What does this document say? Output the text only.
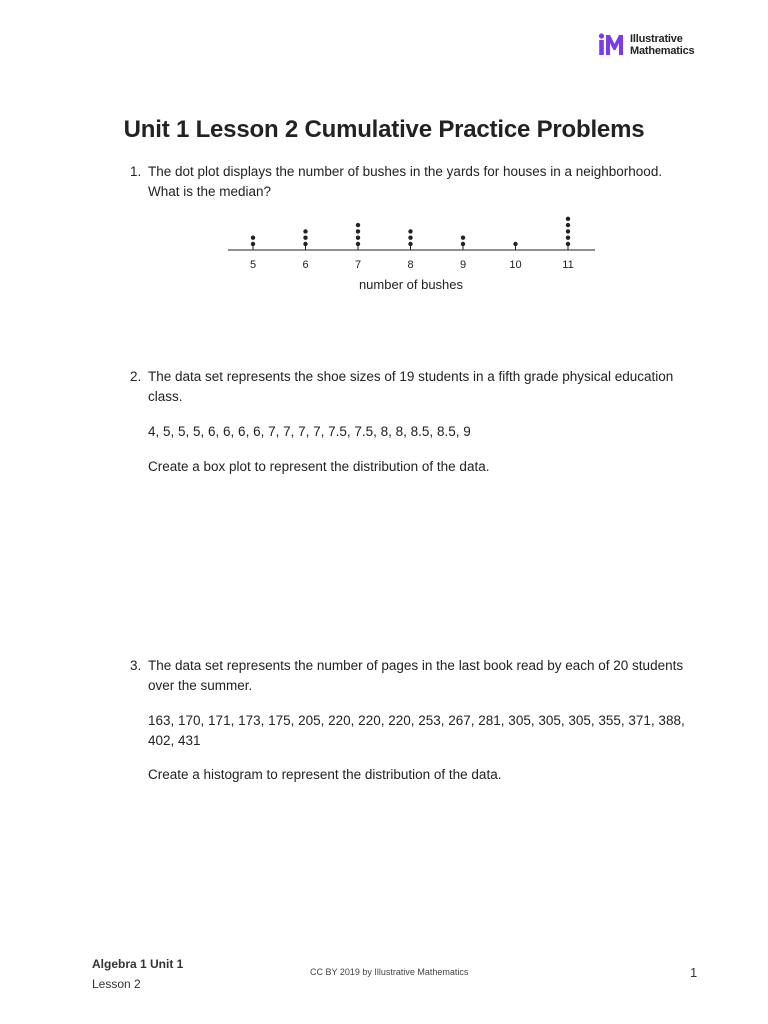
Illustrative
Mathematics
Unit 1 Lesson 2 Cumulative Practice Problems
1. The dot plot displays the number of bushes in the yards for houses in a neighborhood. What is the median?
5	6	7	8	9	10	11
number of bushes
2. The data set represents the shoe sizes of 19 students in a fifth grade physical education class.
4, 5, 5, 5, 6, 6, 6, 6, 7, 7, 7, 7, 7.5, 7.5, 8, 8, 8.5, 8.5, 9
Create a box plot to represent the distribution of the data.
3. The data set represents the number of pages in the last book read by each of 20 students over the summer.
163, 170, 171, 173, 175, 205, 220, 220, 220, 253, 267, 281, 305, 305, 305, 355, 371, 388, 402, 431
Create a histogram to represent the distribution of the data.
Algebra 1 Unit 1
Lesson 2
CC BY 2019 by Illustrative Mathematics	1
